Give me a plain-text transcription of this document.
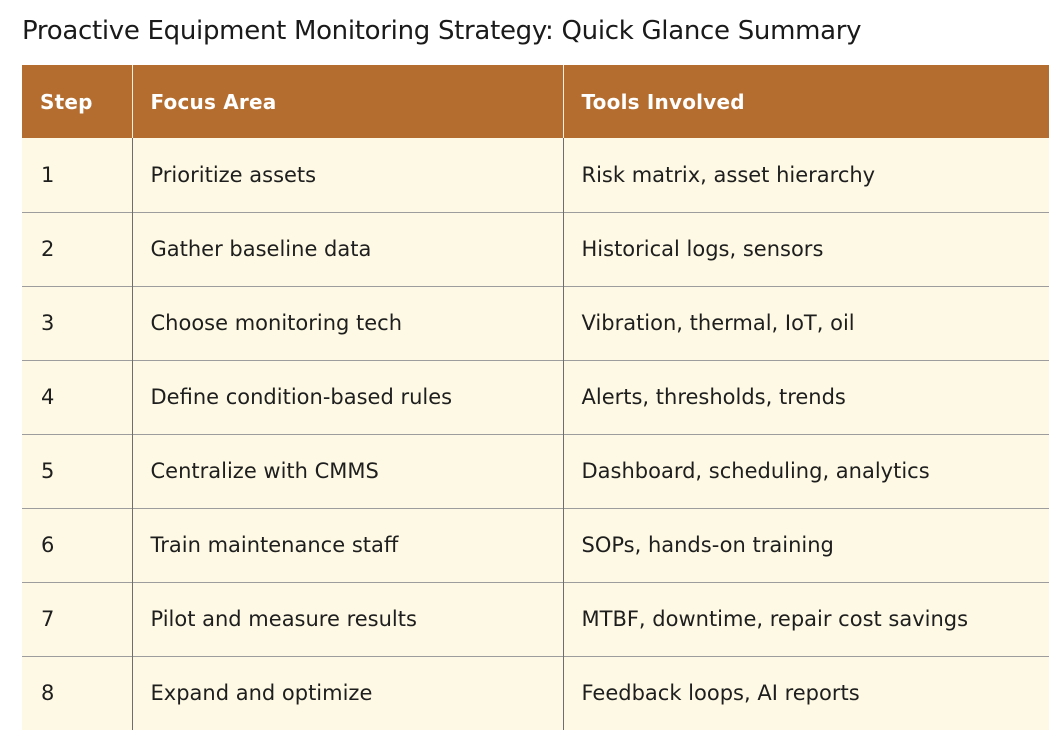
Proactive Equipment Monitoring Strategy: Quick Glance Summary
Step	Focus Area	Tools Involved
1	Prioritize assets	Risk matrix, asset hierarchy
2	Gather baseline data	Historical logs, sensors
3	Choose monitoring tech	Vibration, thermal, IoT, oil
4	Define condition-based rules	Alerts, thresholds, trends
5	Centralize with CMMS	Dashboard, scheduling, analytics
6	Train maintenance staff	SOPs, hands-on training
7	Pilot and measure results	MTBF, downtime, repair cost savings
8	Expand and optimize	Feedback loops, AI reports
